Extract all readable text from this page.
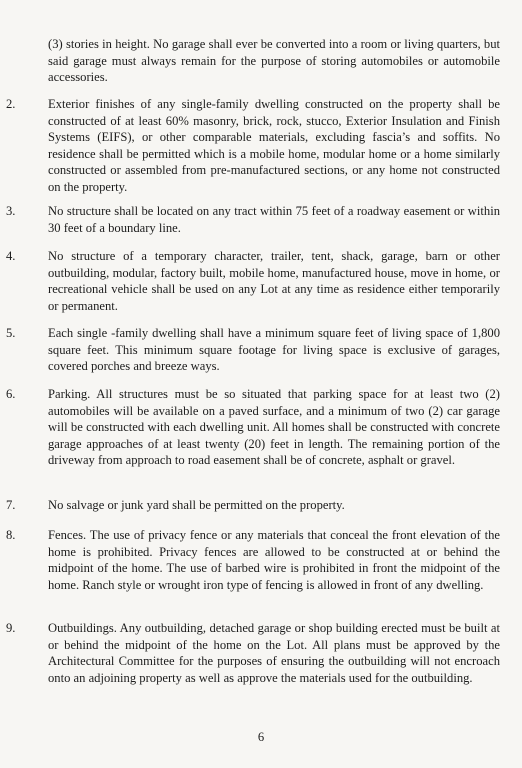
(3) stories in height. No garage shall ever be converted into a room or living quarters, but said garage must always remain for the purpose of storing automobiles or automobile accessories.
2.	Exterior finishes of any single-family dwelling constructed on the property shall be constructed of at least 60% masonry, brick, rock, stucco, Exterior Insulation and Finish Systems (EIFS), or other comparable materials, excluding fascia’s and soffits. No residence shall be permitted which is a mobile home, modular home or a home similarly constructed or assembled from pre-manufactured sections, or any home not constructed on the property.
3.	No structure shall be located on any tract within 75 feet of a roadway easement or within 30 feet of a boundary line.
4.	No structure of a temporary character, trailer, tent, shack, garage, barn or other outbuilding, modular, factory built, mobile home, manufactured house, move in home, or recreational vehicle shall be used on any Lot at any time as residence either temporarily or permanent.
5.	Each single -family dwelling shall have a minimum square feet of living space of 1,800 square feet. This minimum square footage for living space is exclusive of garages, covered porches and breeze ways.
6.	Parking. All structures must be so situated that parking space for at least two (2) automobiles will be available on a paved surface, and a minimum of two (2) car garage will be constructed with each dwelling unit. All homes shall be constructed with concrete garage approaches of at least twenty (20) feet in length. The remaining portion of the driveway from approach to road easement shall be of concrete, asphalt or gravel.
7.	No salvage or junk yard shall be permitted on the property.
8.	Fences. The use of privacy fence or any materials that conceal the front elevation of the home is prohibited. Privacy fences are allowed to be constructed at or behind the midpoint of the home. The use of barbed wire is prohibited in front the midpoint of the home. Ranch style or wrought iron type of fencing is allowed in front of any dwelling.
9.	Outbuildings. Any outbuilding, detached garage or shop building erected must be built at or behind the midpoint of the home on the Lot. All plans must be approved by the Architectural Committee for the purposes of ensuring the outbuilding will not encroach onto an adjoining property as well as approve the materials used for the outbuilding.
6
